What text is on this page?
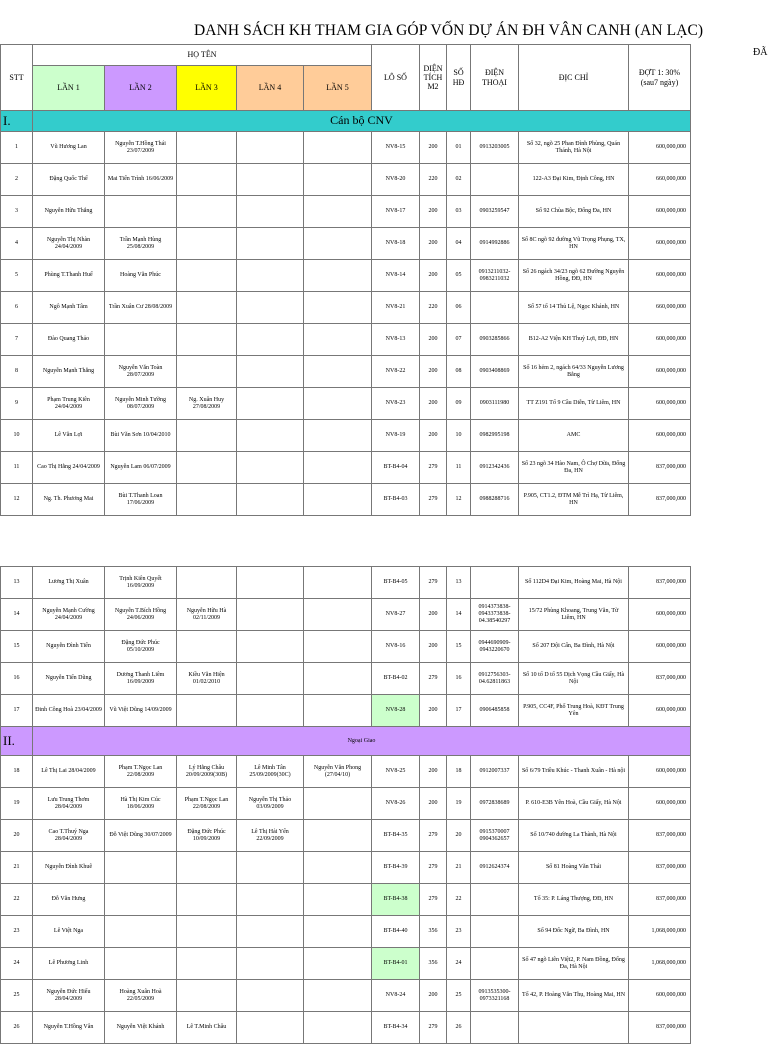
DANH SÁCH KH THAM GIA GÓP VỐN DỰ ÁN ĐH VÂN CANH (AN LẠC)
ĐÃ
STT	HỌ TÊN					LÔ SỐ	DIỆN TÍCH M2	SỐ HĐ	ĐIỆN THOẠI	ĐỊC CHỈ	ĐỢT 1: 30%
(sau7 ngày)
	LẦN 1	LẦN 2	LẦN 3	LẦN 4	LẦN 5						
I.	Cán bộ CNV										
1	Vũ Hương Lan	Nguyễn T.Hồng Thái 23/07/2009				NV8-15	200	01	0913203005	Số 32, ngõ 25 Phan Đình Phùng, Quán Thánh, Hà Nội	600,000,000
2	Đặng Quốc Thể	Mai Tiến Trình 16/06/2009				NV8-20	220	02		122-A3 Đại Kim, Định Công, HN	660,000,000
3	Nguyễn Hữu Thắng					NV8-17	200	03	0903259547	Số 92 Chùa Bộc, Đống Đa, HN	600,000,000
4	Nguyễn Thị Nhàn 24/04/2009	Trần Mạnh Hùng 25/08/2009				NV8-18	200	04	0914992886	Số 8C ngõ 92 đường Vũ Trọng Phụng, TX, HN	600,000,000
5	Phùng T.Thanh Huế	Hoàng Văn Phúc				NV8-14	200	05	0913211032- 0983211032	Số 26 ngách 34/23 ngõ 62 Đường Nguyễn Hồng, ĐĐ, HN	600,000,000
6	Ngô Mạnh Tâm	Trần Xuân Cư 28/08/2009				NV8-21	220	06		Số 57 tổ 14 Thủ Lệ, Ngọc Khánh, HN	660,000,000
7	Đào Quang Thảo					NV8-13	200	07	0903285866	B12-A2 Viện KH Thuỷ Lợi, ĐĐ, HN	600,000,000
8	Nguyễn Mạnh Thắng	Nguyễn Văn Toàn 28/07/2009				NV8-22	200	08	0903408869	Số 16 hẻm 2, ngách 64/33 Nguyễn Lương Bằng	600,000,000
9	Phạm Trung Kiên 24/04/2009	Nguyễn Minh Tường 08/07/2009	Ng. Xuân Huy 27/08/2009			NV8-23	200	09	0903111980	TT Z191 Tổ 9 Cầu Diễn, Từ Liêm, HN	600,000,000
10	Lê Văn Lợi	Bùi Văn Sơn 10/04/2010				NV8-19	200	10	0982995198	AMC	600,000,000
11	Cao Thị Hằng 24/04/2009	Nguyễn Lam 06/07/2009				BT-B4-04	279	11	0912342436	Số 23 ngõ 34 Hào Nam, Ô Chợ Dừa, Đống Đa, HN	837,000,000
12	Ng. Th. Phương Mai	Bùi T.Thanh Loan 17/06/2009				BT-B4-03	279	12	0988288716	P.905, CT1.2, ĐTM Mễ Trì Hạ, Từ Liêm, HN	837,000,000
13	Lương Thị Xuân	Trịnh Kiên Quyết 16/09/2009				BT-B4-05	279	13		Số 112D4 Đại Kim, Hoàng Mai, Hà Nội	837,000,000
14	Nguyễn Mạnh Cường 24/04/2009	Nguyễn T.Bích Hồng 24/06/2009	Nguyễn Hữu Hà 02/11/2009			NV8-27	200	14	0914373838- 0943373838- 04.38540297	15/72 Phùng Khoang, Trung Văn, Từ Liêm, HN	600,000,000
15	Nguyễn Đình Tiến	Đặng Đức Phúc 05/10/2009				NV8-16	200	15	0944690909- 0943220670	Số 207 Đội Cấn, Ba Đình, Hà Nội	600,000,000
16	Nguyễn Tiến Dũng	Dương Thanh Liêm 16/09/2009	Kiều Văn Hiện 01/02/2010			BT-B4-02	279	16	0912756303- 04.62811863	Số 10 tổ D tổ 55 Dịch Vọng Cầu Giấy, Hà Nội	837,000,000
17	Đinh Công Hoà 23/04/2009	Vũ Việt Dũng 14/09/2009				NV8-28	200	17	0906485858	P.905, CC4F, Phố Trung Hoà, KĐT Trung Yên	600,000,000
II.	Ngoại Giao										
18	Lê Thị Lai 28/04/2009	Phạm T.Ngọc Lan 22/08/2009	Lý Hằng Châu 20/09/2009(30B)	Lê Minh Tân 25/09/2009(30C)	Nguyễn Văn Phong (27/04/10)	NV8-25	200	18	0912007337	Số 6/79 Triều Khúc - Thanh Xuân - Hà nội	600,000,000
19	Lưu Trung Thơm 28/04/2009	Hà Thị Kim Cúc 18/06/2009	Phạm T.Ngọc Lan 22/08/2009	Nguyễn Thị Thảo 03/09/2009		NV8-26	200	19	0972838689	P. 610-E3B Yên Hoà, Cầu Giấy, Hà Nội	600,000,000
20	Cao T.Thuý Nga 28/04/2009	Đỗ Việt Dũng 30/07/2009	Đặng Đức Phúc 10/09/2009	Lê Thị Hải Yến 22/09/2009		BT-B4-35	279	20	0915370007 0904362657	Số 10/740 đường La Thành, Hà Nội	837,000,000
21	Nguyễn Đình Khuê					BT-B4-39	279	21	0912624374	Số 81 Hoàng Văn Thái	837,000,000
22	Đỗ Văn Hưng					BT-B4-38	279	22		Tổ 35: P. Láng Thượng, ĐĐ, HN	837,000,000
23	Lê Việt Nga					BT-B4-40	356	23		Số 94 Đốc Ngữ, Ba Đình, HN	1,068,000,000
24	Lê Phương Linh					BT-B4-01	356	24		Số 47 ngõ Liên Việt2, P. Nam Đồng, Đống Đa, Hà Nội	1,068,000,000
25	Nguyễn Đức Hiếu 28/04/2009	Hoàng Xuân Hoà 22/05/2009				NV8-24	200	25	0913535300- 0973321168	Tổ 42, P. Hoàng Văn Thụ, Hoàng Mai, HN	600,000,000
26	Nguyễn T.Hồng Vân	Nguyễn Việt Khánh	Lê T.Minh Châu			BT-B4-34	279	26			837,000,000
